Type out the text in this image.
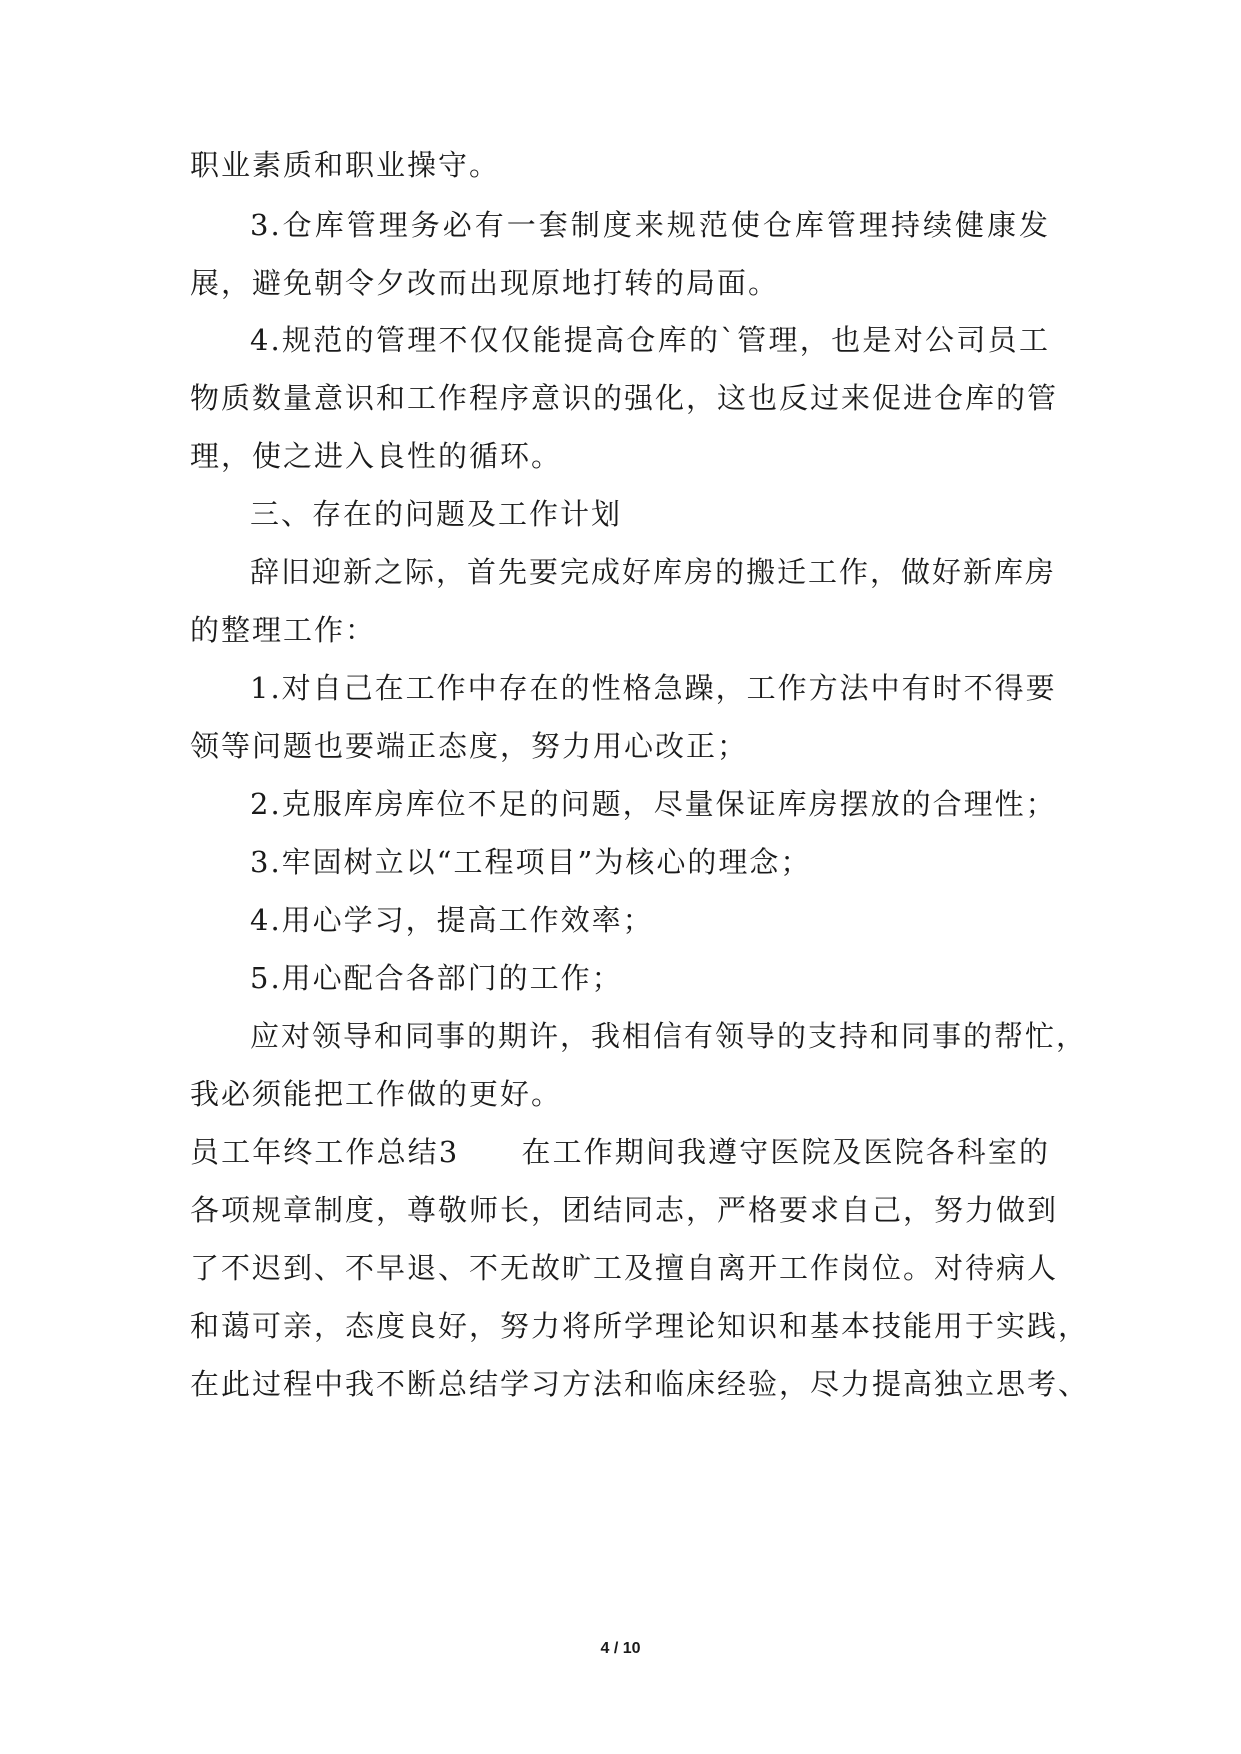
职业素质和职业操守。
3.仓库管理务必有一套制度来规范使仓库管理持续健康发
展，避免朝令夕改而出现原地打转的局面。
4.规范的管理不仅仅能提高仓库的`管理，也是对公司员工
物质数量意识和工作程序意识的强化，这也反过来促进仓库的管
理，使之进入良性的循环。
三、存在的问题及工作计划
辞旧迎新之际，首先要完成好库房的搬迁工作，做好新库房
的整理工作：
1.对自己在工作中存在的性格急躁，工作方法中有时不得要
领等问题也要端正态度，努力用心改正；
2.克服库房库位不足的问题，尽量保证库房摆放的合理性；
3.牢固树立以“工程项目”为核心的理念；
4.用心学习，提高工作效率；
5.用心配合各部门的工作；
应对领导和同事的期许，我相信有领导的支持和同事的帮忙，
我必须能把工作做的更好。
员工年终工作总结3　　在工作期间我遵守医院及医院各科室的
各项规章制度，尊敬师长，团结同志，严格要求自己，努力做到
了不迟到、不早退、不无故旷工及擅自离开工作岗位。对待病人
和蔼可亲，态度良好，努力将所学理论知识和基本技能用于实践，
在此过程中我不断总结学习方法和临床经验，尽力提高独立思考、
4 / 10
